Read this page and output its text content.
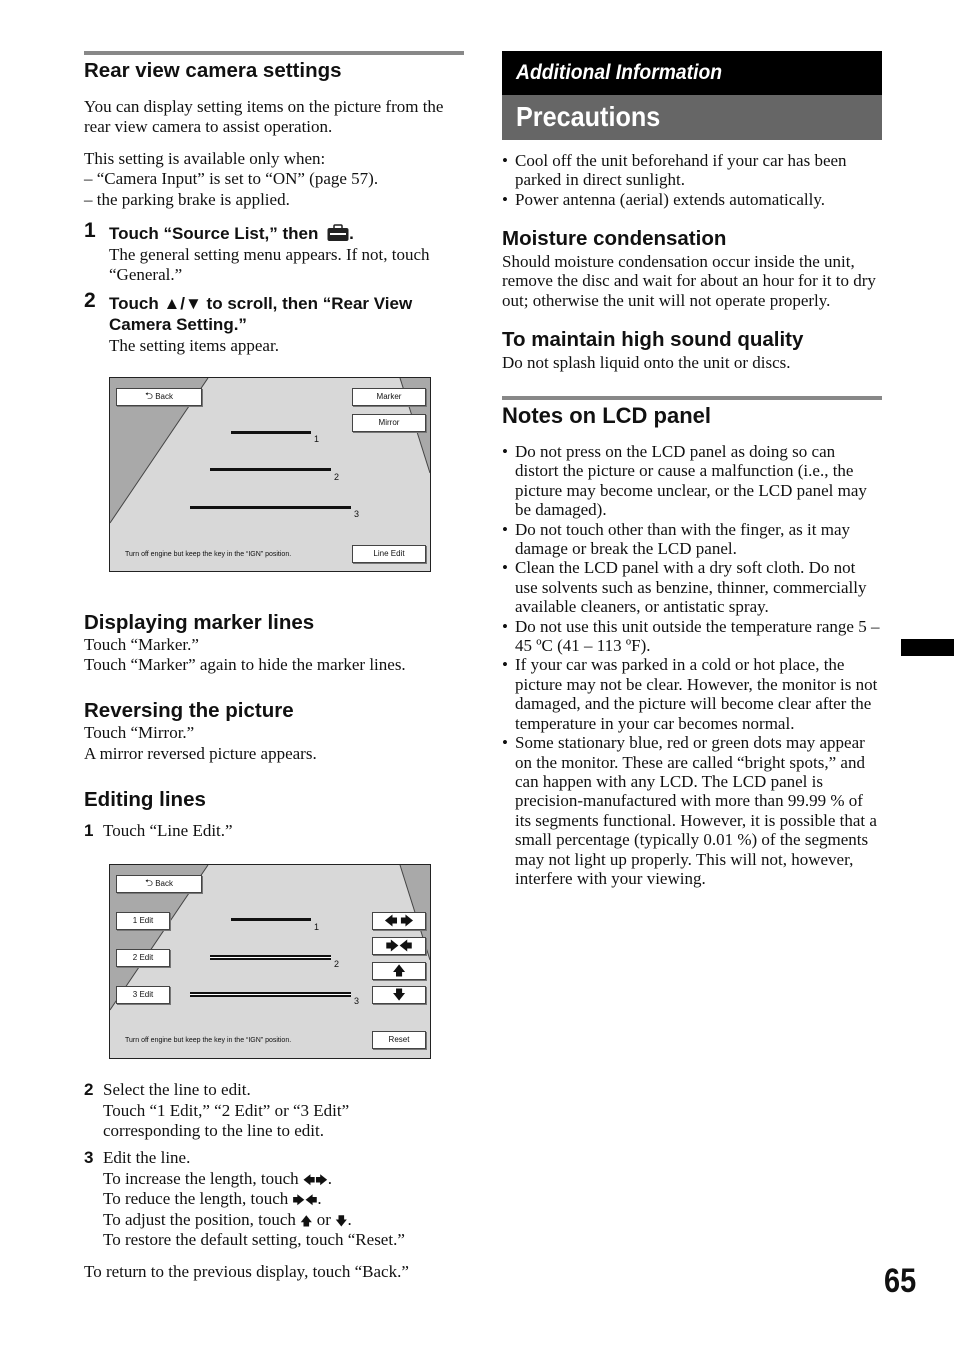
Rear view camera settings

You can display setting items on the picture from the rear view camera to assist operation.

This setting is available only when:

– “Camera Input” is set to “ON” (page 57).

– the parking brake is applied.

1 Touch “Source List,” then .

The general setting menu appears. If not, touch “General.”

2 Touch ▲/▼ to scroll, then “Rear View Camera Setting.”

The setting items appear.

⮌ Back	Marker
Mirror
1
2
3
Turn off engine but keep the key in the “IGN” position.	Line Edit
Displaying marker lines

Touch “Marker.”

Touch “Marker” again to hide the marker lines.

Reversing the picture

Touch “Mirror.”

A mirror reversed picture appears.

Editing lines
1 Touch “Line Edit.”

⮌ Back
1 Edit
2 Edit
3 Edit
1
2
3
🡄  🡆
🡆🡄
🡅
🡇
Turn off engine but keep the key in the “IGN” position.	Reset
2 Select the line to edit.

Touch “1 Edit,” “2 Edit” or “3 Edit” corresponding to the line to edit.

3 Edit the line.

To increase the length, touch 🡄🡆.

To reduce the length, touch 🡆🡄.

To adjust the position, touch 🡅 or 🡇.

To restore the default setting, touch “Reset.”

To return to the previous display, touch “Back.”

Additional Information
Precautions
• Cool off the unit beforehand if your car has been parked in direct sunlight.
• Power antenna (aerial) extends automatically.
Moisture condensation

Should moisture condensation occur inside the unit, remove the disc and wait for about an hour for it to dry out; otherwise the unit will not operate properly.

To maintain high sound quality

Do not splash liquid onto the unit or discs.

Notes on LCD panel
• Do not press on the LCD panel as doing so can distort the picture or cause a malfunction (i.e., the picture may become unclear, or the LCD panel may be damaged).
• Do not touch other than with the finger, as it may damage or break the LCD panel.
• Clean the LCD panel with a dry soft cloth. Do not use solvents such as benzine, thinner, commercially available cleaners, or antistatic spray.
• Do not use this unit outside the temperature range 5 – 45 ºC (41 – 113 ºF).
• If your car was parked in a cold or hot place, the picture may not be clear. However, the monitor is not damaged, and the picture will become clear after the temperature in your car becomes normal.
• Some stationary blue, red or green dots may appear on the monitor. These are called “bright spots,” and can happen with any LCD. The LCD panel is precision-manufactured with more than 99.99 % of its segments functional. However, it is possible that a small percentage (typically 0.01 %) of the segments may not light up properly. This will not, however, interfere with your viewing.
65
